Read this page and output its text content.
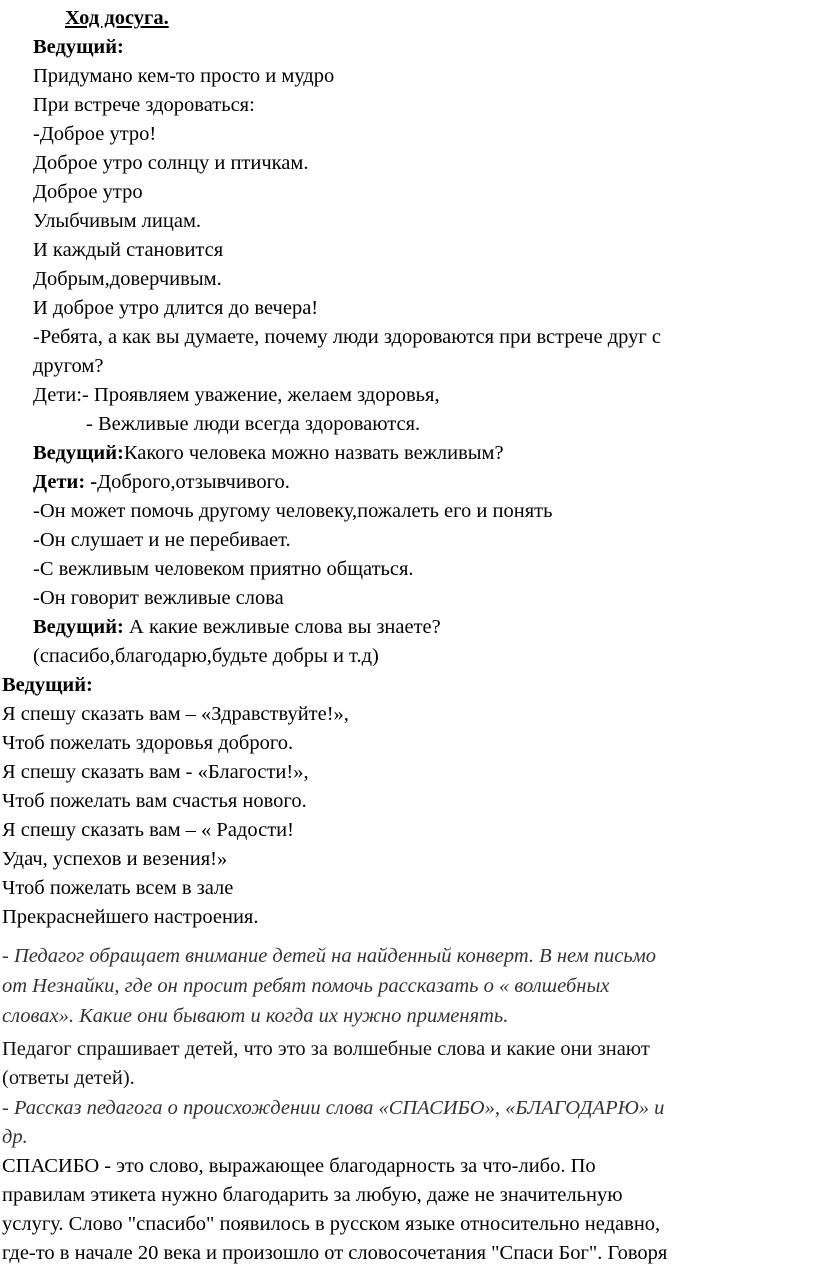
Ход досуга.
Ведущий:
Придумано кем-то просто и мудро
При встрече здороваться:
-Доброе утро!
Доброе утро солнцу и птичкам.
Доброе утро
Улыбчивым лицам.
И каждый становится
Добрым,доверчивым.
И доброе утро длится до вечера!
-Ребята, а как вы думаете, почему люди здороваются при встрече друг с
другом?
Дети:- Проявляем уважение, желаем здоровья,
- Вежливые люди всегда здороваются.
Ведущий:Какого человека можно назвать вежливым?
Дети: -Доброго,отзывчивого.
-Он может помочь другому человеку,пожалеть его и понять
-Он слушает и не перебивает.
-С вежливым человеком приятно общаться.
-Он говорит вежливые слова
Ведущий: А какие вежливые слова вы знаете?
(спасибо,благодарю,будьте добры и т.д)
Ведущий:
Я спешу сказать вам – «Здравствуйте!»,
Чтоб пожелать здоровья доброго.
Я спешу сказать вам - «Благости!»,
Чтоб пожелать вам счастья нового.
Я спешу сказать вам – « Радости!
Удач, успехов и везения!»
Чтоб пожелать всем в зале
Прекраснейшего настроения.
- Педагог обращает внимание детей на найденный конверт. В нем письмо
от Незнайки, где он просит ребят помочь рассказать о « волшебных
словах». Какие они бывают и когда их нужно применять.
Педагог спрашивает детей, что это за волшебные слова и какие они знают
(ответы детей).
- Рассказ педагога о происхождении слова «СПАСИБО», «БЛАГОДАРЮ» и
др.
СПАСИБО - это слово, выражающее благодарность за что-либо. По
правилам этикета нужно благодарить за любую, даже не значительную
услугу. Слово "спасибо" появилось в русском языке относительно недавно,
где-то в начале 20 века и произошло от словосочетания "Спаси Бог". Говоря
